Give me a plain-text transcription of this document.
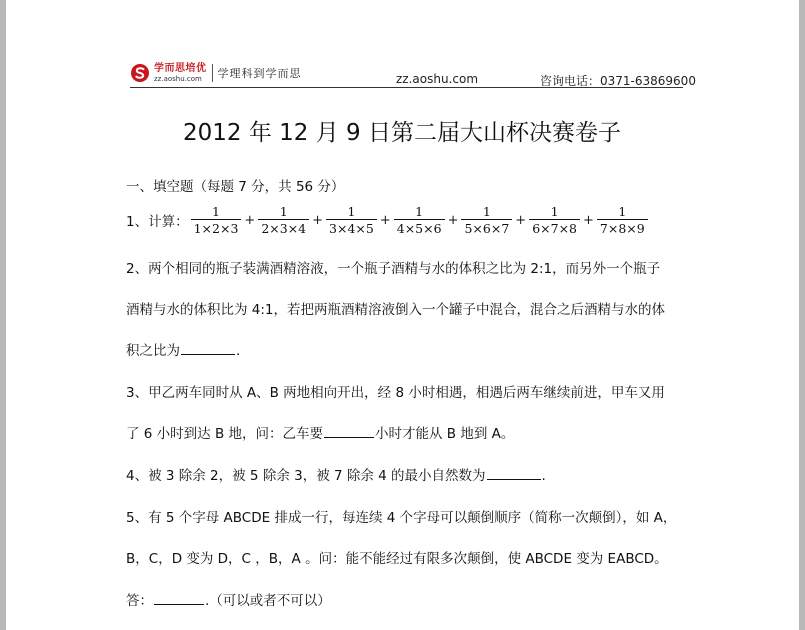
学而思培优
zz.aoshu.com	学理科到学而思	zz.aoshu.com	咨询电话：0371-63869600
2012 年 12 月 9 日第二届大山杯决赛卷子
一、填空题（每题 7 分，共 56 分）
1、计算： $\frac{1}{1\times 2\times 3} + \frac{1}{2\times 3\times 4} + \frac{1}{3\times 4\times 5} + \frac{1}{4\times 5\times 6} + \frac{1}{5\times 6\times 7} + \frac{1}{6\times 7\times 8} + \frac{1}{7\times 8\times 9}$
2、两个相同的瓶子装满酒精溶液，一个瓶子酒精与水的体积之比为 2:1，而另外一个瓶子
酒精与水的体积比为 4:1，若把两瓶酒精溶液倒入一个罐子中混合，混合之后酒精与水的体
积之比为	.
3、甲乙两车同时从 A、B 两地相向开出，经 8 小时相遇，相遇后两车继续前进，甲车又用
了 6 小时到达 B 地，问：乙车要	小时才能从 B 地到 A。
4、被 3 除余 2，被 5 除余 3，被 7 除余 4 的最小自然数为	.
5、有 5 个字母 ABCDE 排成一行，每连续 4 个字母可以颠倒顺序（简称一次颠倒），如 A，
B，C，D 变为 D，C ，B，A 。问：能不能经过有限多次颠倒，使 ABCDE 变为 EABCD。
答：	.（可以或者不可以）
